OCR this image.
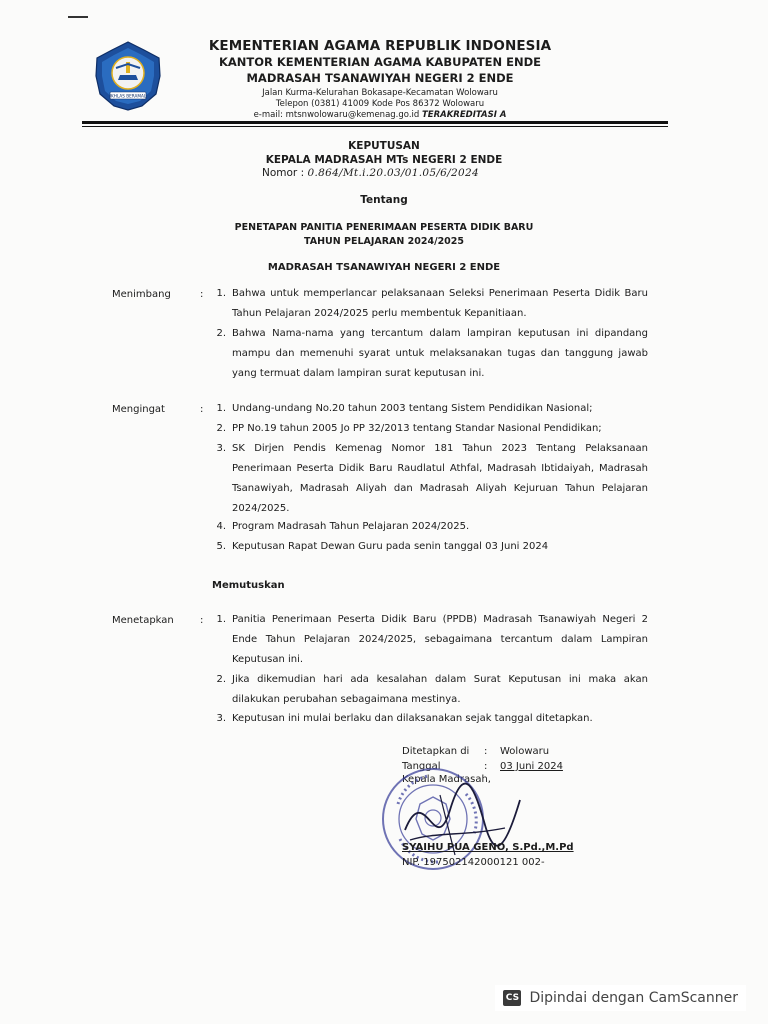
IKHLAS BERAMAL
KEMENTERIAN AGAMA REPUBLIK INDONESIA
KANTOR KEMENTERIAN AGAMA KABUPATEN ENDE
MADRASAH TSANAWIYAH NEGERI 2 ENDE
Jalan Kurma-Kelurahan Bokasape-Kecamatan Wolowaru
Telepon (0381) 41009 Kode Pos 86372 Wolowaru
e-mail: mtsnwolowaru@kemenag.go.id TERAKREDITASI A
KEPUTUSAN
KEPALA MADRASAH MTs NEGERI 2 ENDE
Nomor : 0.864/Mt.i.20.03/01.05/6/2024
Tentang
PENETAPAN PANITIA PENERIMAAN PESERTA DIDIK BARU
TAHUN PELAJARAN 2024/2025
MADRASAH TSANAWIYAH NEGERI 2 ENDE
Menimbang	:	1. Bahwa untuk memperlancar pelaksanaan Seleksi Penerimaan Peserta Didik Baru Tahun Pelajaran 2024/2025 perlu membentuk Kepanitiaan.
2. Bahwa Nama-nama yang tercantum dalam lampiran keputusan ini dipandang mampu dan memenuhi syarat untuk melaksanakan tugas dan tanggung jawab yang termuat dalam lampiran surat keputusan ini.
Mengingat	:	1. Undang-undang No.20 tahun 2003 tentang Sistem Pendidikan Nasional;
2. PP No.19 tahun 2005 Jo PP 32/2013 tentang Standar Nasional Pendidikan;
3. SK Dirjen Pendis Kemenag Nomor 181 Tahun 2023 Tentang Pelaksanaan Penerimaan Peserta Didik Baru Raudlatul Athfal, Madrasah Ibtidaiyah, Madrasah Tsanawiyah, Madrasah Aliyah dan Madrasah Aliyah Kejuruan Tahun Pelajaran 2024/2025.
4. Program Madrasah Tahun Pelajaran 2024/2025.
5. Keputusan Rapat Dewan Guru pada senin tanggal 03 Juni 2024
Memutuskan
Menetapkan	:	1. Panitia Penerimaan Peserta Didik Baru (PPDB) Madrasah Tsanawiyah Negeri 2 Ende Tahun Pelajaran 2024/2025, sebagaimana tercantum dalam Lampiran Keputusan ini.
2. Jika dikemudian hari ada kesalahan dalam Surat Keputusan ini maka akan dilakukan perubahan sebagaimana mestinya.
3. Keputusan ini mulai berlaku dan dilaksanakan sejak tanggal ditetapkan.
Ditetapkan di : Wolowaru
Tanggal	: 03 Juni 2024
Kepala Madrasah,
SYAIHU PUA GENO, S.Pd.,M.Pd
NIP. 197502142000121 002-
CS Dipindai dengan CamScanner
